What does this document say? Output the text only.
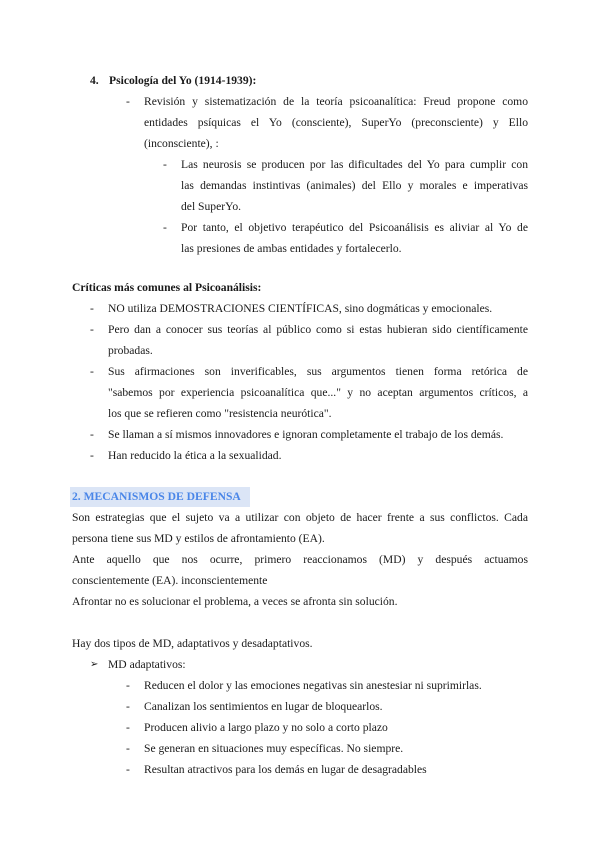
4. Psicología del Yo (1914-1939):
- Revisión y sistematización de la teoría psicoanalítica: Freud propone como
entidades psíquicas el Yo (consciente), SuperYo (preconsciente) y Ello
(inconsciente), :
- Las neurosis se producen por las dificultades del Yo para cumplir con
las demandas instintivas (animales) del Ello y morales e imperativas
del SuperYo.
- Por tanto, el objetivo terapéutico del Psicoanálisis es aliviar al Yo de
las presiones de ambas entidades y fortalecerlo.
Críticas más comunes al Psicoanálisis:
- NO utiliza DEMOSTRACIONES CIENTÍFICAS, sino dogmáticas y emocionales.
- Pero dan a conocer sus teorías al público como si estas hubieran sido científicamente
probadas.
- Sus afirmaciones son inverificables, sus argumentos tienen forma retórica de
"sabemos por experiencia psicoanalítica que..." y no aceptan argumentos críticos, a
los que se refieren como "resistencia neurótica".
- Se llaman a sí mismos innovadores e ignoran completamente el trabajo de los demás.
- Han reducido la ética a la sexualidad.
2. MECANISMOS DE DEFENSA
Son estrategias que el sujeto va a utilizar con objeto de hacer frente a sus conflictos. Cada
persona tiene sus MD y estilos de afrontamiento (EA).
Ante aquello que nos ocurre, primero reaccionamos (MD) y después actuamos
conscientemente (EA). inconscientemente
Afrontar no es solucionar el problema, a veces se afronta sin solución.
Hay dos tipos de MD, adaptativos y desadaptativos.
➢ MD adaptativos:
- Reducen el dolor y las emociones negativas sin anestesiar ni suprimirlas.
- Canalizan los sentimientos en lugar de bloquearlos.
- Producen alivio a largo plazo y no solo a corto plazo
- Se generan en situaciones muy específicas. No siempre.
- Resultan atractivos para los demás en lugar de desagradables
